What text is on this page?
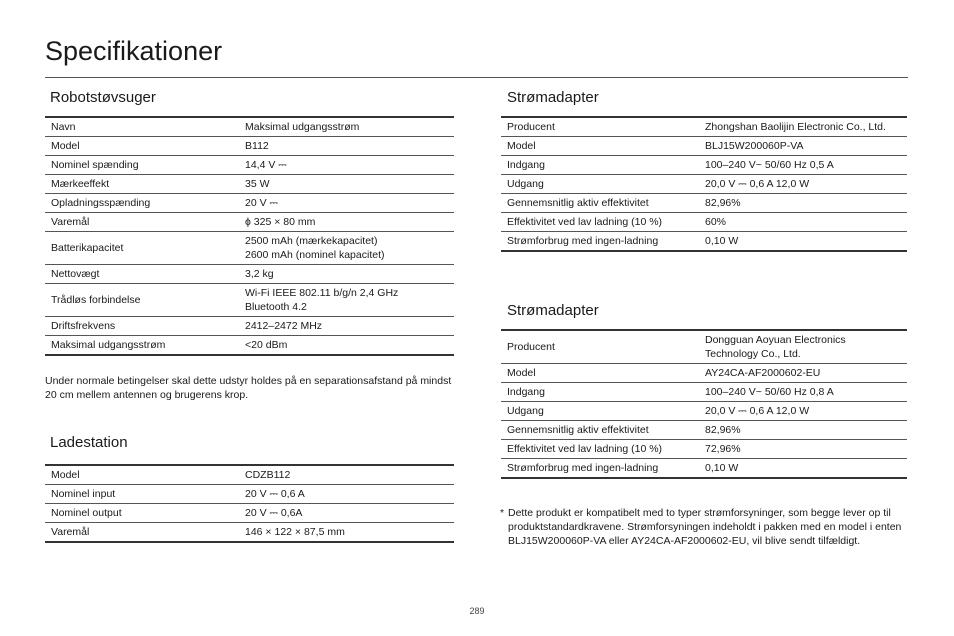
Specifikationer
Robotstøvsuger
Navn	Maksimal udgangsstrøm

Model	B112

Nominel spænding	14,4 V ⎓

Mærkeeffekt	35 W

Opladningsspænding	20 V ⎓

Varemål	ϕ 325 × 80 mm

Batterikapacitet	2500 mAh (mærkekapacitet)
2600 mAh (nominel kapacitet)

Nettovægt	3,2 kg

Trådløs forbindelse	Wi-Fi IEEE 802.11 b/g/n 2,4 GHz
Bluetooth 4.2

Driftsfrekvens	2412–2472 MHz

Maksimal udgangsstrøm	<20 dBm

Under normale betingelser skal dette udstyr holdes på en separationsafstand på mindst 20 cm mellem antennen og brugerens krop.

Ladestation
Model	CDZB112

Nominel input	20 V ⎓ 0,6 A

Nominel output	20 V ⎓ 0,6A

Varemål	146 × 122 × 87,5 mm
Strømadapter
Producent	Zhongshan Baolijin Electronic Co., Ltd.

Model	BLJ15W200060P-VA

Indgang	100–240 V~ 50/60 Hz 0,5 A

Udgang	20,0 V ⎓ 0,6 A 12,0 W

Gennemsnitlig aktiv effektivitet	82,96%

Effektivitet ved lav ladning (10 %)	60%

Strømforbrug med ingen-ladning	0,10 W
Strømadapter
Producent	Dongguan Aoyuan Electronics
Technology Co., Ltd.

Model	AY24CA-AF2000602-EU

Indgang	100–240 V~ 50/60 Hz 0,8 A

Udgang	20,0 V ⎓ 0,6 A 12,0 W

Gennemsnitlig aktiv effektivitet	82,96%

Effektivitet ved lav ladning (10 %)	72,96%

Strømforbrug med ingen-ladning	0,10 W
* Dette produkt er kompatibelt med to typer strømforsyninger, som begge lever op til produktstandardkravene. Strømforsyningen indeholdt i pakken med en model i enten BLJ15W200060P-VA eller AY24CA-AF2000602-EU, vil blive sendt tilfældigt.

289
